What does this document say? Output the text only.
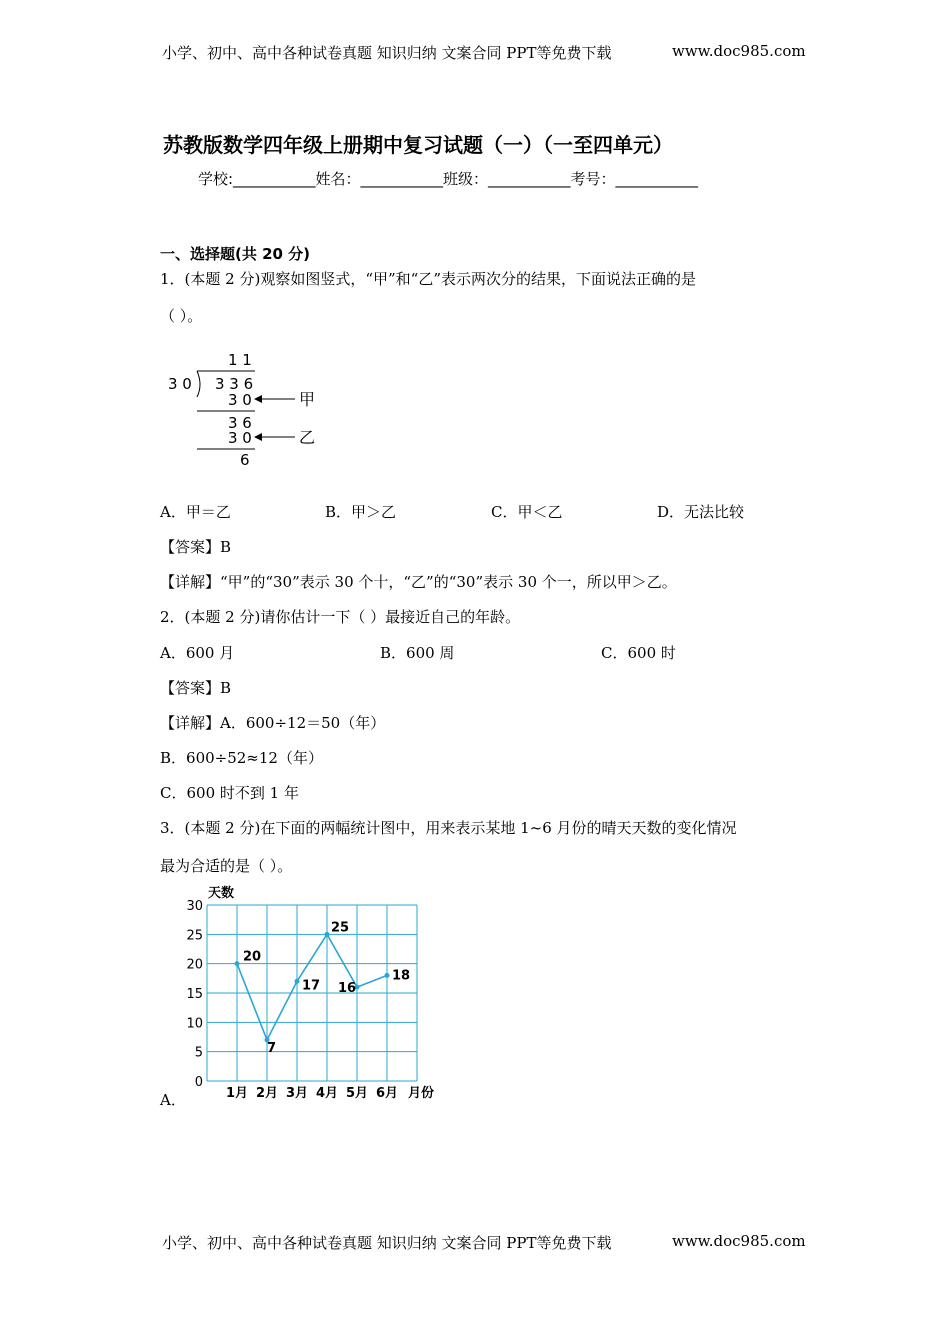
小学、初中、高中各种试卷真题 知识归纳 文案合同 PPT等免费下载	www.doc985.com
苏教版数学四年级上册期中复习试题（一）（一至四单元）
学校:___________姓名：___________班级：___________考号：___________
一、选择题(共 20 分)
1．(本题 2 分)观察如图竖式，“甲”和“乙”表示两次分的结果，下面说法正确的是
（ ）。
1 1
3 0 3 3 6
3 0
3 6
3 0
6
甲
乙
A．甲＝乙	B．甲＞乙	C．甲＜乙	D．无法比较
【答案】B
【详解】“甲”的“30”表示 30 个十，“乙”的“30”表示 30 个一，所以甲＞乙。
2．(本题 2 分)请你估计一下（ ）最接近自己的年龄。
A．600 月	B．600 周	C．600 时
【答案】B
【详解】A．600÷12＝50（年）
B．600÷52≈12（年）
C．600 时不到 1 年
3．(本题 2 分)在下面的两幅统计图中，用来表示某地 1~6 月份的晴天天数的变化情况
最为合适的是（ ）。
天数
月份
0
5
10
15
20
25
30
1月 2月 3月 4月 5月 6月
20
7
17
25
16
18
A．
小学、初中、高中各种试卷真题 知识归纳 文案合同 PPT等免费下载	www.doc985.com
